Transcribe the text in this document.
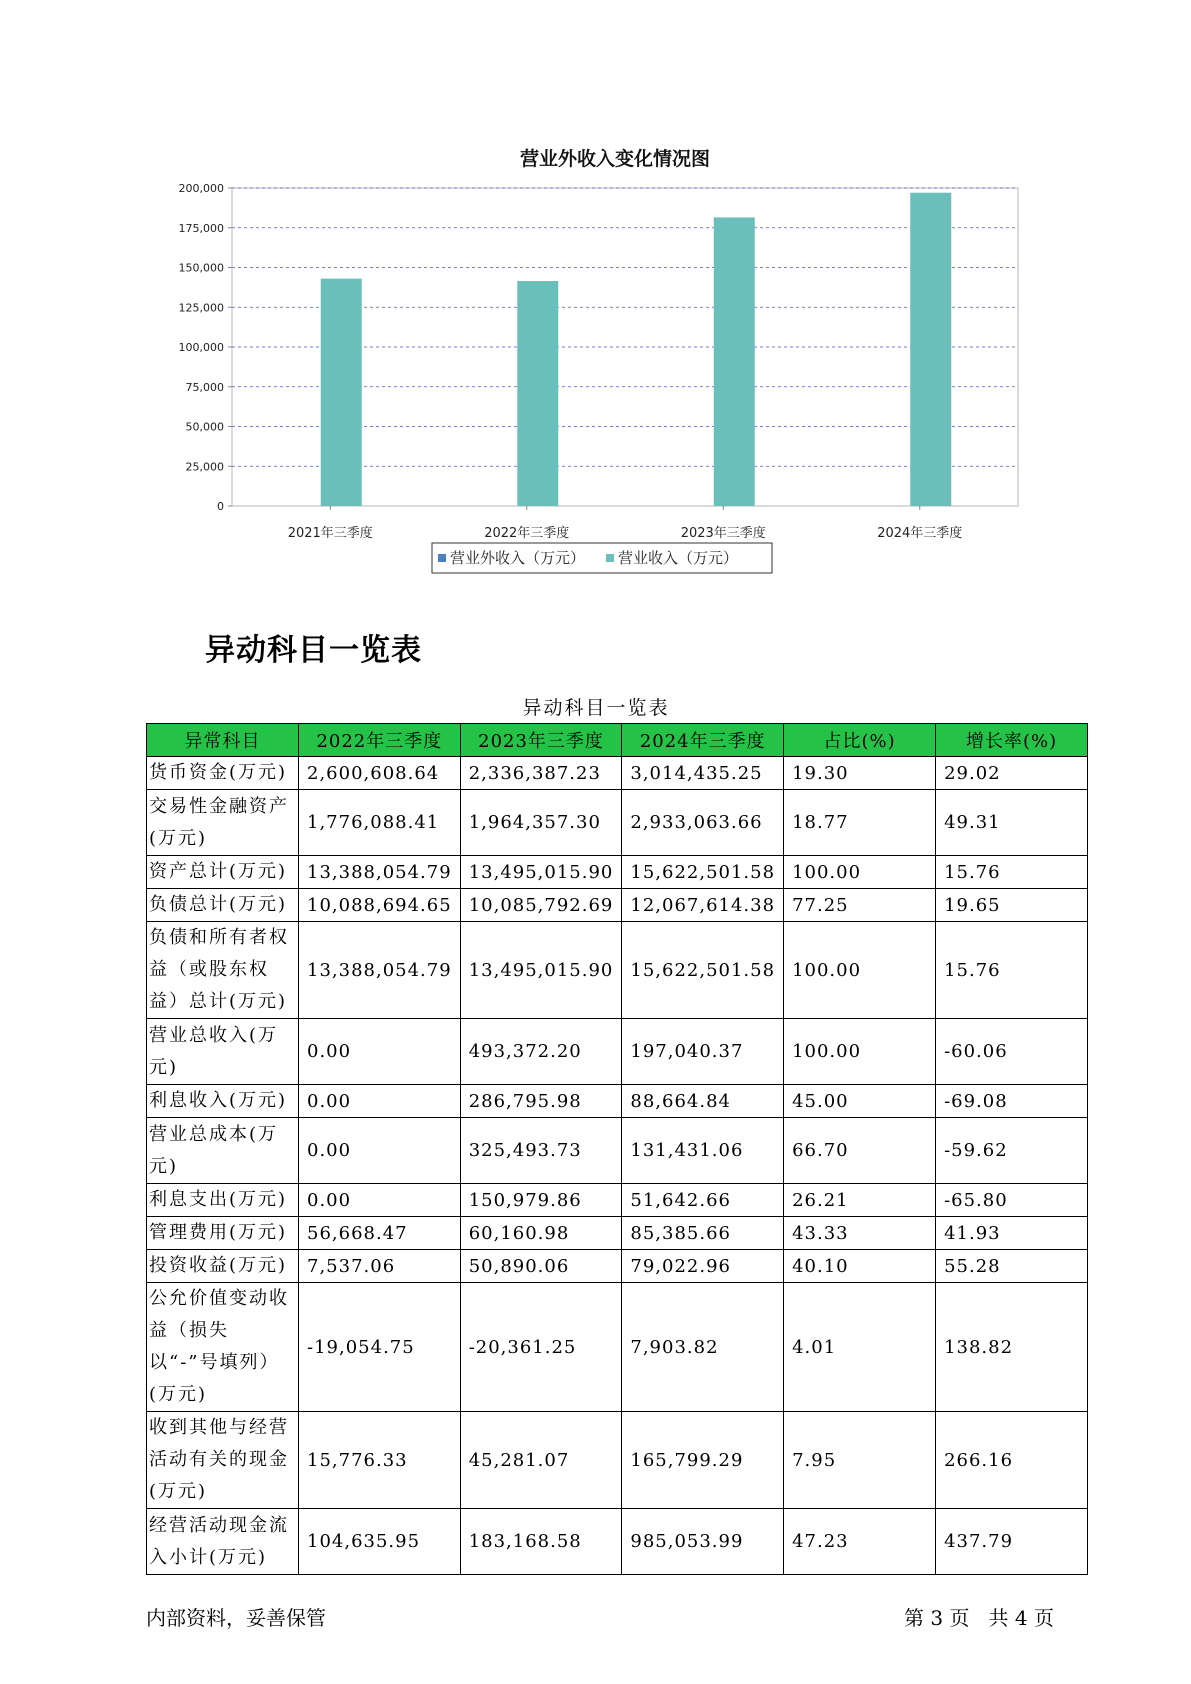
营业外收入变化情况图
0
25,000
50,000
75,000
100,000
125,000
150,000
175,000
200,000
2021年三季度	2022年三季度	2023年三季度	2024年三季度
营业外收入（万元） 营业收入（万元）
异动科目一览表
异动科目一览表
异常科目	2022年三季度	2023年三季度	2024年三季度	占比(%)	增长率(%)
货币资金(万元)	2,600,608.64	2,336,387.23	3,014,435.25	19.30	29.02
交易性金融资产(万元)	1,776,088.41	1,964,357.30	2,933,063.66	18.77	49.31
资产总计(万元)	13,388,054.79	13,495,015.90	15,622,501.58	100.00	15.76
负债总计(万元)	10,088,694.65	10,085,792.69	12,067,614.38	77.25	19.65
负债和所有者权益（或股东权益）总计(万元)	13,388,054.79	13,495,015.90	15,622,501.58	100.00	15.76
营业总收入(万元)	0.00	493,372.20	197,040.37	100.00	-60.06
利息收入(万元)	0.00	286,795.98	88,664.84	45.00	-69.08
营业总成本(万元)	0.00	325,493.73	131,431.06	66.70	-59.62
利息支出(万元)	0.00	150,979.86	51,642.66	26.21	-65.80
管理费用(万元)	56,668.47	60,160.98	85,385.66	43.33	41.93
投资收益(万元)	7,537.06	50,890.06	79,022.96	40.10	55.28
公允价值变动收益（损失以“-”号填列）(万元)	-19,054.75	-20,361.25	7,903.82	4.01	138.82
收到其他与经营活动有关的现金(万元)	15,776.33	45,281.07	165,799.29	7.95	266.16
经营活动现金流入小计(万元)	104,635.95	183,168.58	985,053.99	47.23	437.79
内部资料，妥善保管	第 3 页   共 4 页
